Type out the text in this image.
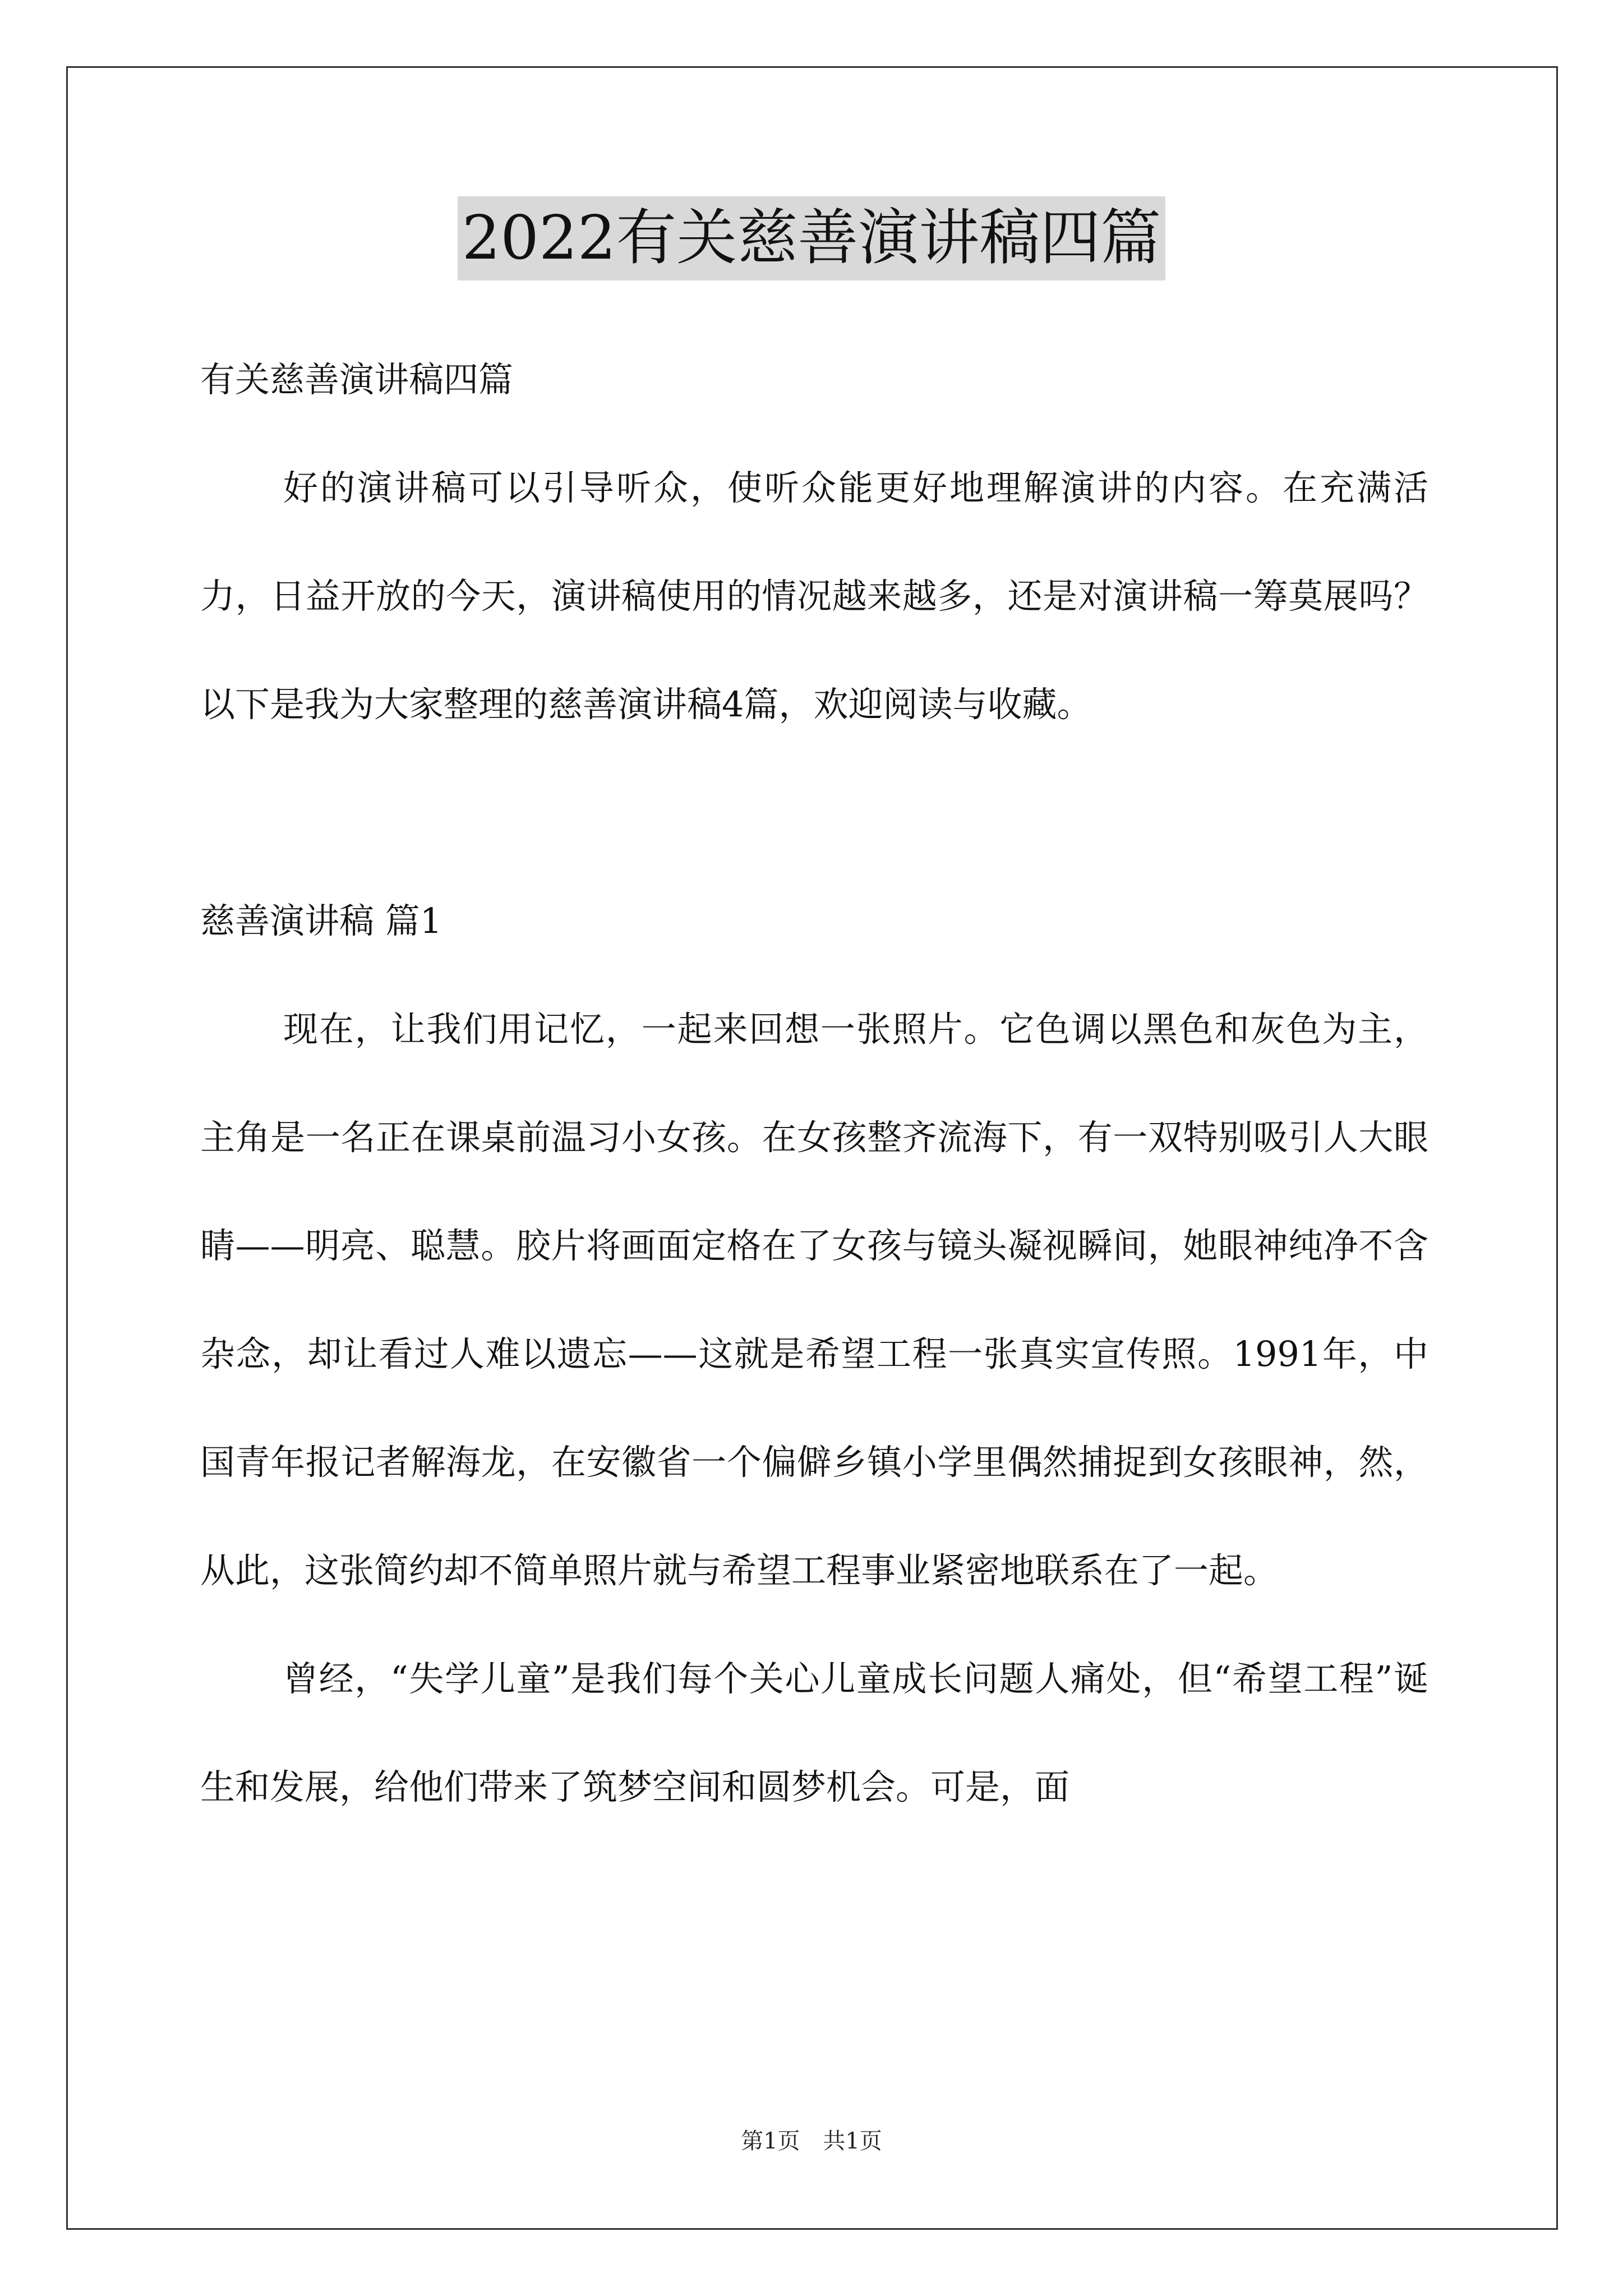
2022有关慈善演讲稿四篇

有关慈善演讲稿四篇

好的演讲稿可以引导听众，使听众能更好地理解演讲的内容。在充满活力，日益开放的今天，演讲稿使用的情况越来越多，还是对演讲稿一筹莫展吗？以下是我为大家整理的慈善演讲稿4篇，欢迎阅读与收藏。

慈善演讲稿 篇1

现在，让我们用记忆，一起来回想一张照片。它色调以黑色和灰色为主，主角是一名正在课桌前温习小女孩。在女孩整齐流海下，有一双特别吸引人大眼睛——明亮、聪慧。胶片将画面定格在了女孩与镜头凝视瞬间，她眼神纯净不含杂念，却让看过人难以遗忘——这就是希望工程一张真实宣传照。1991年，中国青年报记者解海龙，在安徽省一个偏僻乡镇小学里偶然捕捉到女孩眼神，然，从此，这张简约却不简单照片就与希望工程事业紧密地联系在了一起。

曾经，“失学儿童”是我们每个关心儿童成长问题人痛处，但“希望工程”诞生和发展，给他们带来了筑梦空间和圆梦机会。可是，面

第1页 共1页
